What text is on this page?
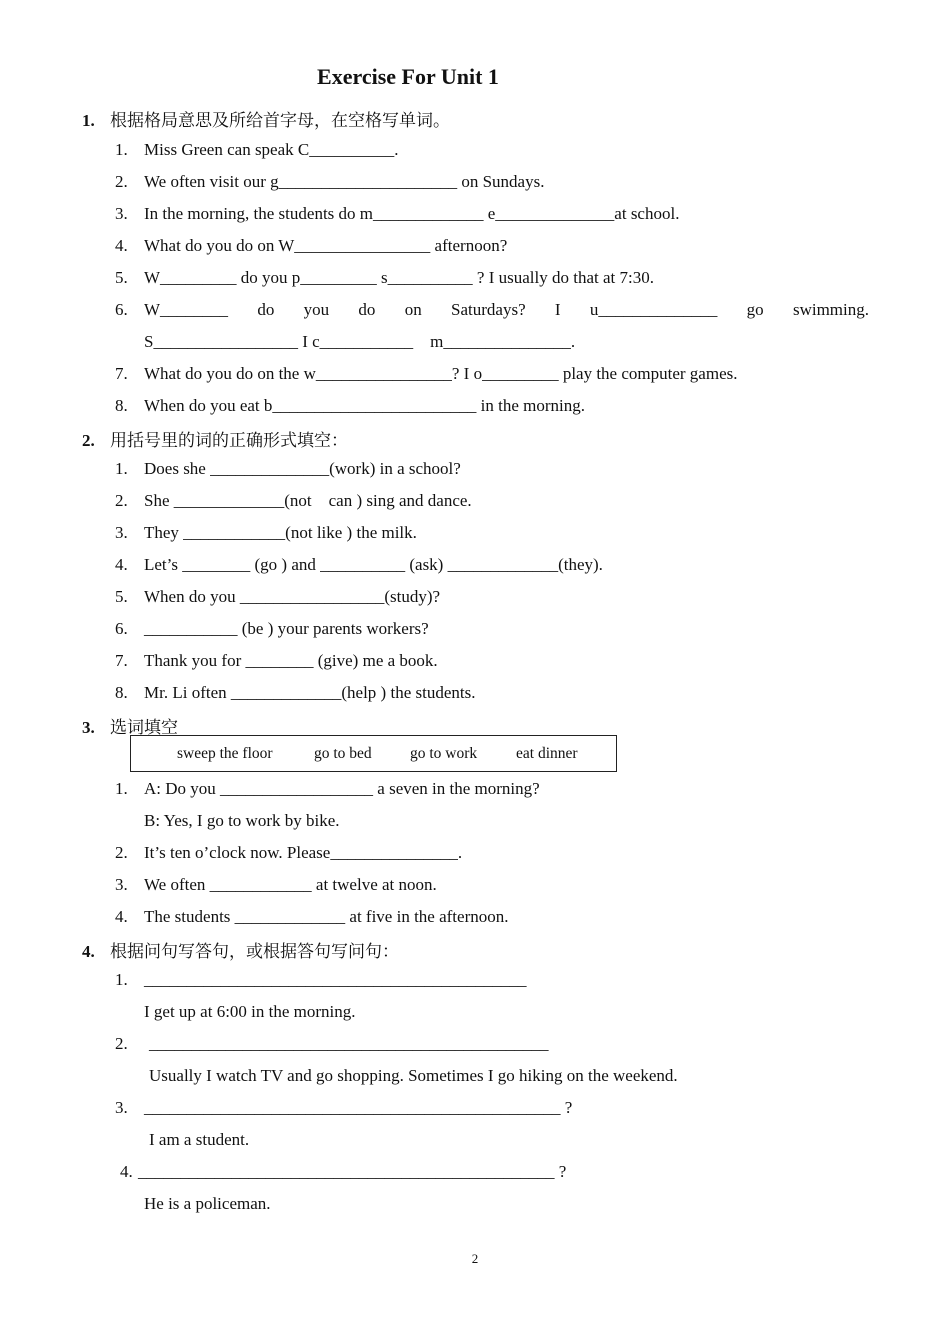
Exercise For Unit 1
1. 根据格局意思及所给首字母，在空格写单词。
1. Miss Green can speak C__________.
2. We often visit our g_____________________ on Sundays.
3. In the morning, the students do m_____________ e______________at school.
4. What do you do on W________________ afternoon?
5. W_________ do you p_________ s__________ ? I usually do that at 7:30.
6. W________ do you do on Saturdays? I u______________ go swimming.
S_________________ I c___________    m_______________.
7. What do you do on the w________________? I o_________ play the computer games.
8. When do you eat b________________________ in the morning.
2. 用括号里的词的正确形式填空：
1. Does she ______________(work) in a school?
2. She _____________(not    can ) sing and dance.
3. They ____________(not like ) the milk.
4. Let’s ________ (go ) and __________ (ask) _____________(they).
5. When do you _________________(study)?
6. ___________ (be ) your parents workers?
7. Thank you for ________ (give) me a book.
8. Mr. Li often _____________(help ) the students.
3. 选词填空
sweep the floor	go to bed go to work	eat dinner
1. A: Do you __________________ a seven in the morning?
B: Yes, I go to work by bike.
2. It’s ten o’clock now. Please_______________.
3. We often ____________ at twelve at noon.
4. The students _____________ at five in the afternoon.
4. 根据问句写答句，或根据答句写问句：
1. _____________________________________________
I get up at 6:00 in the morning.
2. _______________________________________________
Usually I watch TV and go shopping. Sometimes I go hiking on the weekend.
3. _________________________________________________ ?
I am a student.
4. _________________________________________________ ?
He is a policeman.
2
